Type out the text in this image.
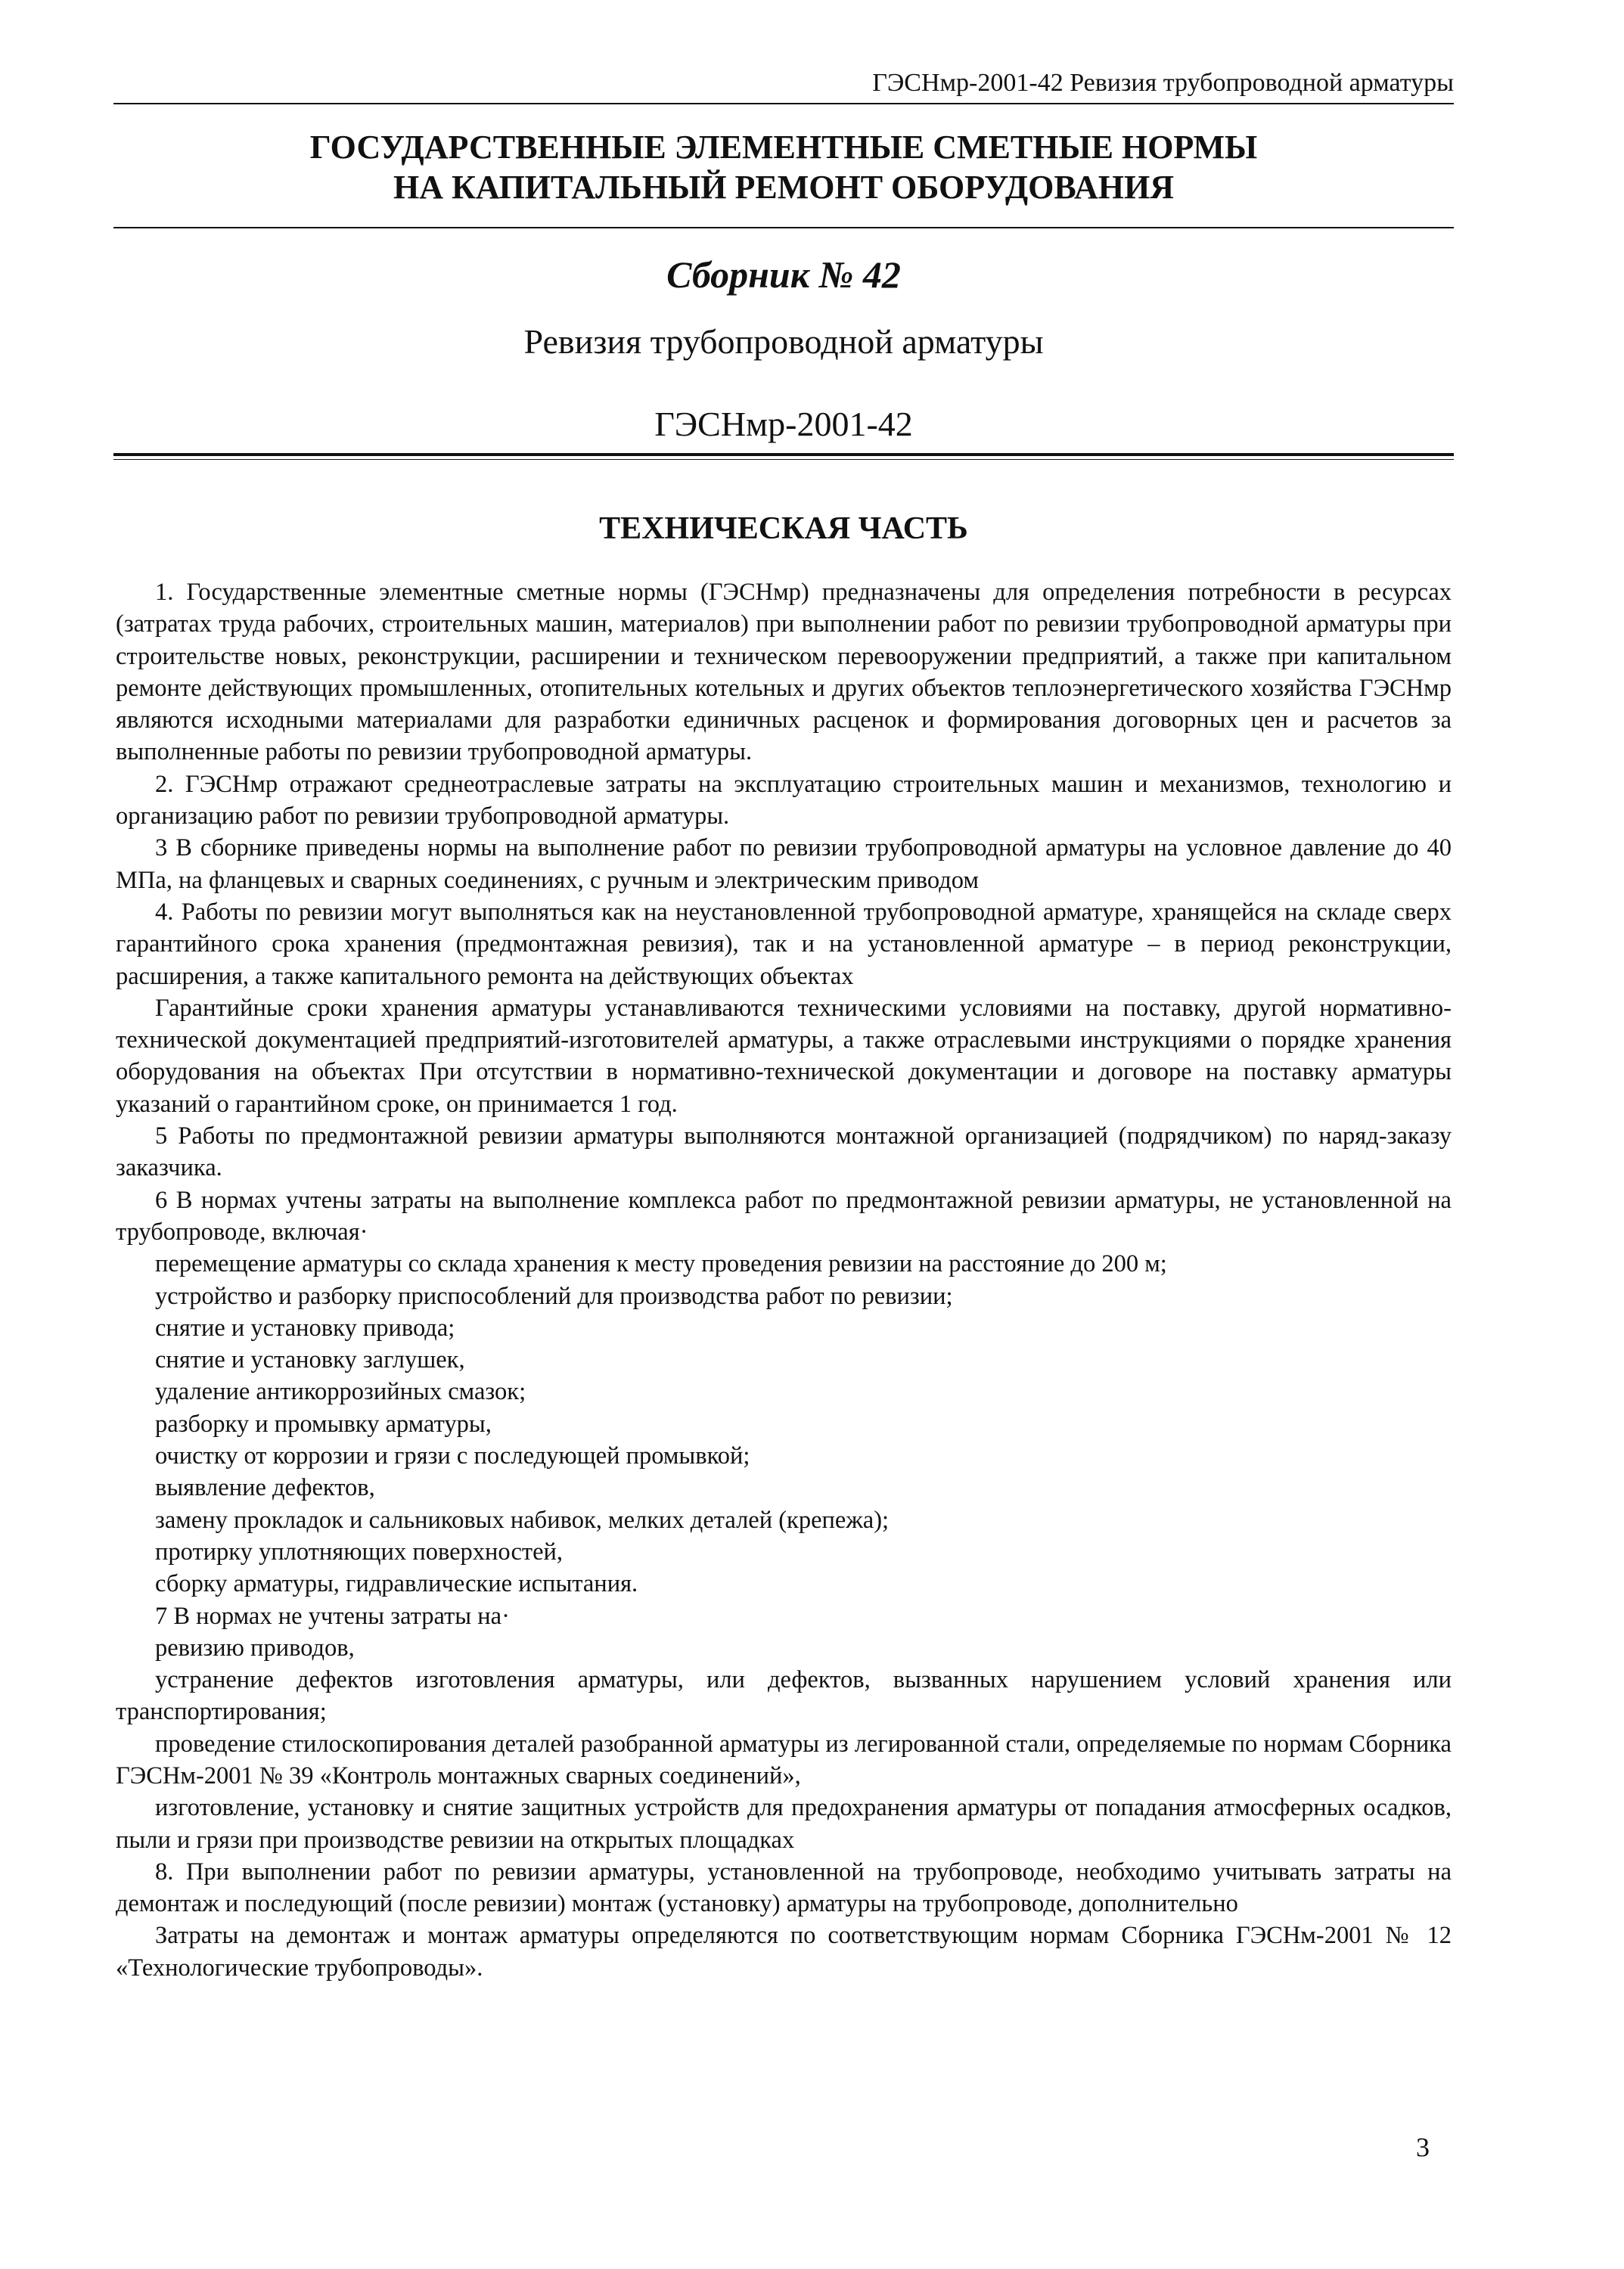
ГЭСНмр-2001-42 Ревизия трубопроводной арматуры
ГОСУДАРСТВЕННЫЕ ЭЛЕМЕНТНЫЕ СМЕТНЫЕ НОРМЫ
НА КАПИТАЛЬНЫЙ РЕМОНТ ОБОРУДОВАНИЯ
Сборник № 42
Ревизия трубопроводной арматуры
ГЭСНмр-2001-42
ТЕХНИЧЕСКАЯ ЧАСТЬ

1. Государственные элементные сметные нормы (ГЭСНмр) предназначены для определения потребности в ресурсах (затратах труда рабочих, строительных машин, материалов) при выполнении работ по ревизии трубопроводной арматуры при строительстве новых, реконструкции, расширении и техническом перевооружении предприятий, а также при капитальном ремонте действующих промышленных, отопительных котельных и других объектов теплоэнергетического хозяйства ГЭСНмр являются исходными материалами для разработки единичных расценок и формирования договорных цен и расчетов за выполненные работы по ревизии трубопроводной арматуры.

2. ГЭСНмр отражают среднеотраслевые затраты на эксплуатацию строительных машин и механизмов, технологию и организацию работ по ревизии трубопроводной арматуры.

3 В сборнике приведены нормы на выполнение работ по ревизии трубопроводной арматуры на условное давление до 40 МПа, на фланцевых и сварных соединениях, с ручным и электрическим приводом

4. Работы по ревизии могут выполняться как на неустановленной трубопроводной арматуре, хранящейся на складе сверх гарантийного срока хранения (предмонтажная ревизия), так и на установленной арматуре – в период реконструкции, расширения, а также капитального ремонта на действующих объектах

Гарантийные сроки хранения арматуры устанавливаются техническими условиями на поставку, другой нормативно-технической документацией предприятий-изготовителей арматуры, а также отраслевыми инструкциями о порядке хранения оборудования на объектах При отсутствии в нормативно-технической документации и договоре на поставку арматуры указаний о гарантийном сроке, он принимается 1 год.

5 Работы по предмонтажной ревизии арматуры выполняются монтажной организацией (подрядчиком) по наряд-заказу заказчика.

6 В нормах учтены затраты на выполнение комплекса работ по предмонтажной ревизии арматуры, не установленной на трубопроводе, включая·

перемещение арматуры со склада хранения к месту проведения ревизии на расстояние до 200 м;

устройство и разборку приспособлений для производства работ по ревизии;

снятие и установку привода;

снятие и установку заглушек,

удаление антикоррозийных смазок;

разборку и промывку арматуры,

очистку от коррозии и грязи с последующей промывкой;

выявление дефектов,

замену прокладок и сальниковых набивок, мелких деталей (крепежа);

протирку уплотняющих поверхностей,

сборку арматуры, гидравлические испытания.

7 В нормах не учтены затраты на·

ревизию приводов,

устранение дефектов изготовления арматуры, или дефектов, вызванных нарушением условий хранения или транспортирования;

проведение стилоскопирования деталей разобранной арматуры из легированной стали, определяемые по нормам Сборника ГЭСНм-2001 № 39 «Контроль монтажных сварных соединений»,

изготовление, установку и снятие защитных устройств для предохранения арматуры от попадания атмосферных осадков, пыли и грязи при производстве ревизии на открытых площадках

8. При выполнении работ по ревизии арматуры, установленной на трубопроводе, необходимо учитывать затраты на демонтаж и последующий (после ревизии) монтаж (установку) арматуры на трубопроводе, дополнительно

Затраты на демонтаж и монтаж арматуры определяются по соответствующим нормам Сборника ГЭСНм-2001 № 12 «Технологические трубопроводы».

3
